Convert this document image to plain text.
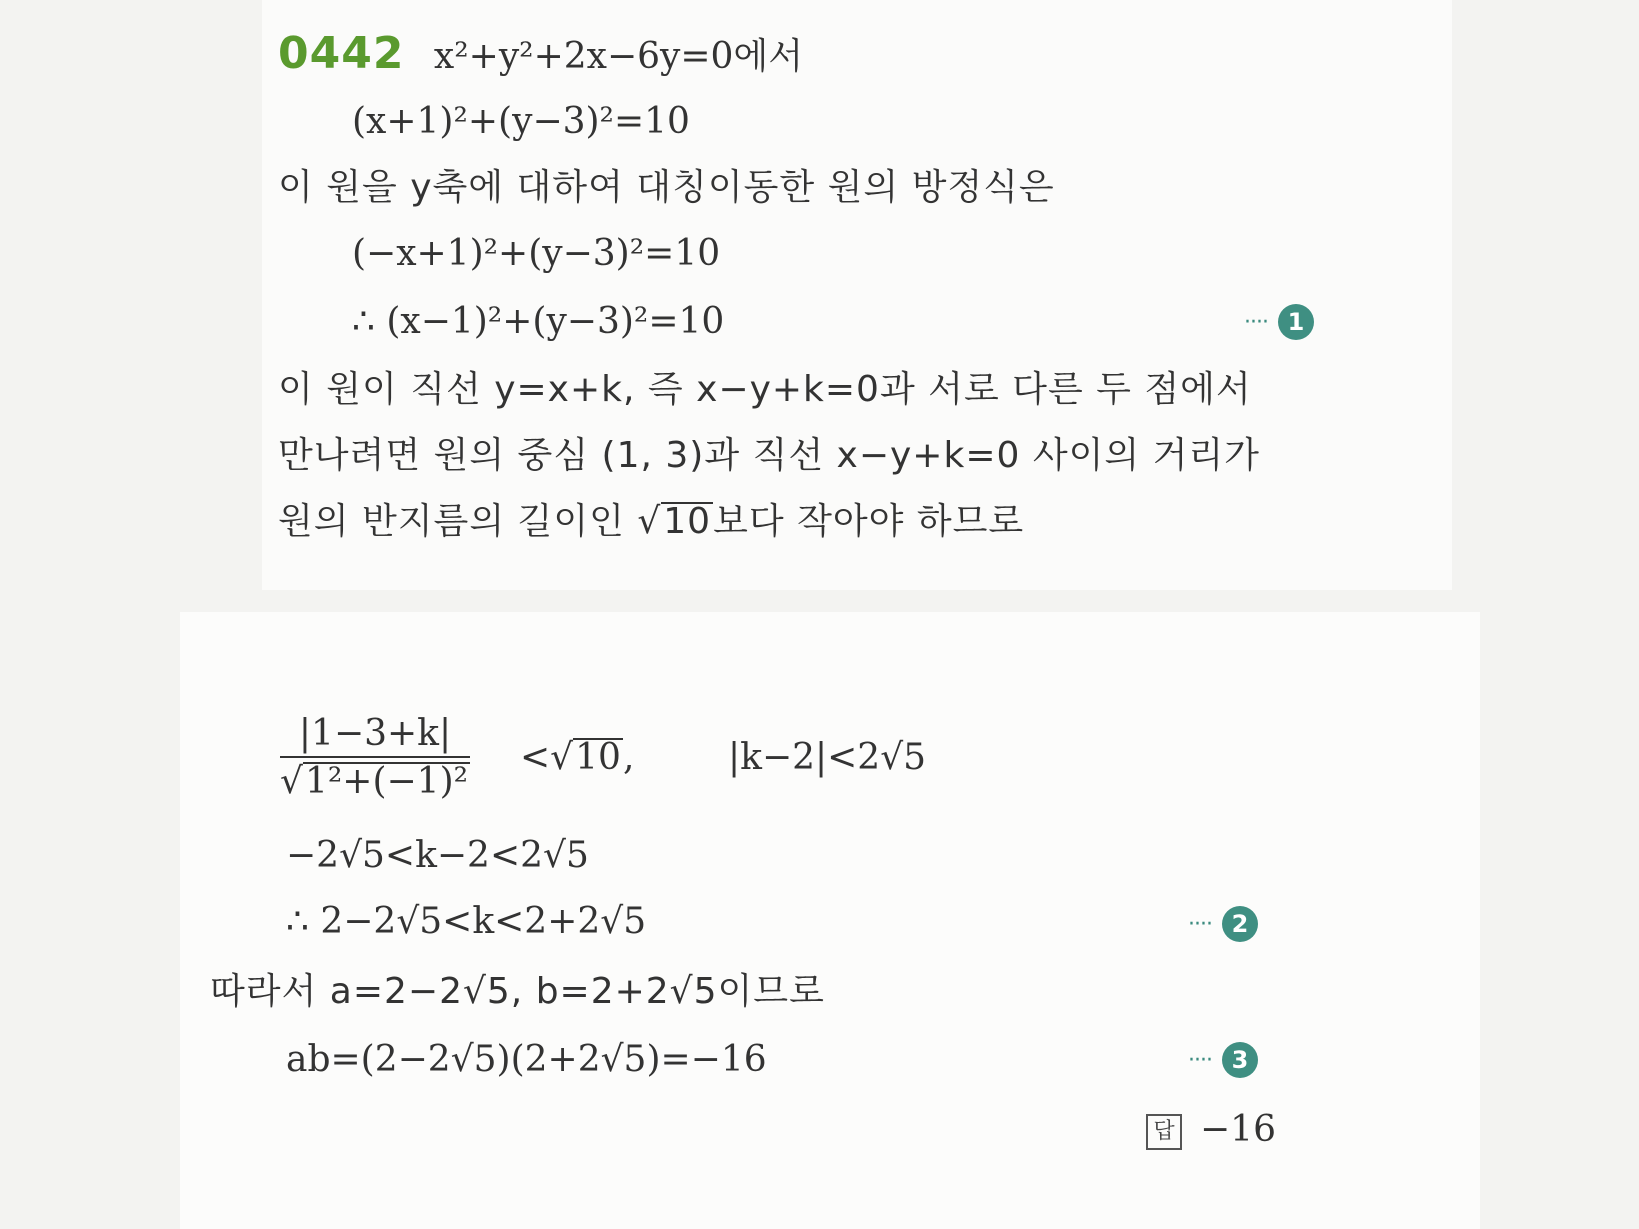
0442 x²+y²+2x−6y=0에서
(x+1)²+(y−3)²=10
이 원을 y축에 대하여 대칭이동한 원의 방정식은
(−x+1)²+(y−3)²=10
∴ (x−1)²+(y−3)²=10	···· 1
이 원이 직선 y=x+k, 즉 x−y+k=0과 서로 다른 두 점에서
만나려면 원의 중심 (1, 3)과 직선 x−y+k=0 사이의 거리가
원의 반지름의 길이인 √10보다 작아야 하므로
$\frac{|1-3+k|}{\text{√1²+(−1)²}} <√10$,	|k−2|<2√5
−2√5<k−2<2√5
∴ 2−2√5<k<2+2√5	···· 2
따라서 a=2−2√5, b=2+2√5이므로
ab=(2−2√5)(2+2√5)=−16	···· 3
답 −16
